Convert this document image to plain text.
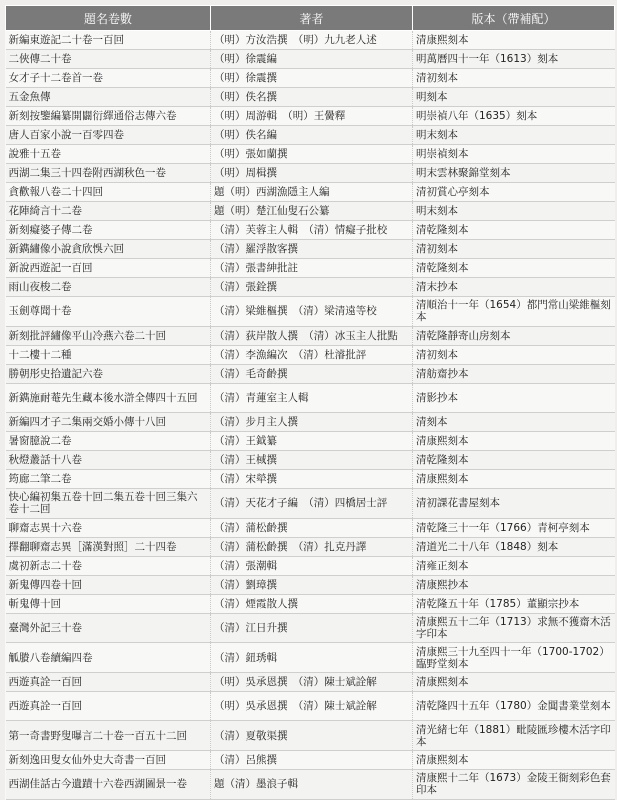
題名卷數	著者	版本（帶補配）
新編東遊記二十卷一百回	（明）方汝浩撰　（明）九九老人述	清康熙刻本
二俠傳二十卷	（明）徐震編	明萬曆四十一年（1613）刻本
女才子十二卷首一卷	（明）徐震撰	清初刻本
五金魚傳	（明）佚名撰	明刻本
新刻按鑒編纂開闢衍繹通俗志傳六卷	（明）周游輯　（明）王黌釋	明崇禎八年（1635）刻本
唐人百家小說一百零四卷	（明）佚名編	明末刻本
說雅十五卷	（明）張如蘭撰	明崇禎刻本
西湖二集三十四卷附西湖秋色一卷	（明）周楫撰	明末雲林聚錦堂刻本
貪歡報八卷二十四回	題（明）西湖漁隱主人編	清初賞心亭刻本
花陣綺言十二卷	題（明）楚江仙叟石公纂	明末刻本
新刻癡婆子傳二卷	（清）芙蓉主人輯　（清）情癡子批校	清乾隆刻本
新鐫繡像小說貪欣悞六回	（清）羅浮散客撰	清初刻本
新說西遊記一百回	（清）張書紳批註	清乾隆刻本
雨山夜梭二卷	（清）張銓撰	清末抄本
玉劍尊聞十卷	（清）梁維樞撰　（清）梁清遠等校	清順治十一年（1654）都門常山梁維樞刻本
新刻批評繡像平山冷燕六卷二十回	（清）荻岸散人撰　（清）冰玉主人批點	清乾隆靜寄山房刻本
十二樓十二種	（清）李漁編次　（清）杜濬批評	清初刻本
勝朝彤史拾遺記六卷	（清）毛奇齡撰	清舫齋抄本
新鐫施耐菴先生藏本後水滸全傳四十五回	（清）青蓮室主人輯	清影抄本
新編四才子二集兩交婚小傳十八回	（清）步月主人撰	清刻本
暑窗臆說二卷	（清）王鉞纂	清康熙刻本
秋燈叢話十八卷	（清）王棫撰	清乾隆刻本
筠廊二筆二卷	（清）宋犖撰	清康熙刻本
快心編初集五卷十回二集五卷十回三集六卷十二回	（清）天花才子編　（清）四橋居士評	清初課花書屋刻本
聊齋志異十六卷	（清）蒲松齡撰	清乾隆三十一年（1766）青柯亭刻本
擇翻聊齋志異［滿漢對照］二十四卷	（清）蒲松齡撰　（清）扎克丹譯	清道光二十八年（1848）刻本
虞初新志二十卷	（清）張潮輯	清雍正刻本
新鬼傳四卷十回	（清）劉璋撰	清康熙抄本
斬鬼傳十回	（清）煙霞散人撰	清乾隆五十年（1785）董顯宗抄本
臺灣外記三十卷	（清）江日升撰	清康熙五十二年（1713）求無不獲齋木活字印本
觚賸八卷續編四卷	（清）鈕琇輯	清康熙三十九至四十一年（1700-1702）臨野堂刻本
西遊真詮一百回	（明）吳承恩撰　（清）陳士斌詮解	清康熙刻本
西遊真詮一百回	（明）吳承恩撰　（清）陳士斌詮解	清乾隆四十五年（1780）金閶書業堂刻本
第一奇書野叟曝言二十卷一百五十二回	（清）夏敬渠撰	清光緒七年（1881）毗陵匯珍樓木活字印本
新刻逸田叟女仙外史大奇書一百回	（清）呂熊撰	清康熙刻本
西湖佳話古今遺蹟十六卷西湖圖景一卷	題（清）墨浪子輯	清康熙十二年（1673）金陵王衙刻彩色套印本
